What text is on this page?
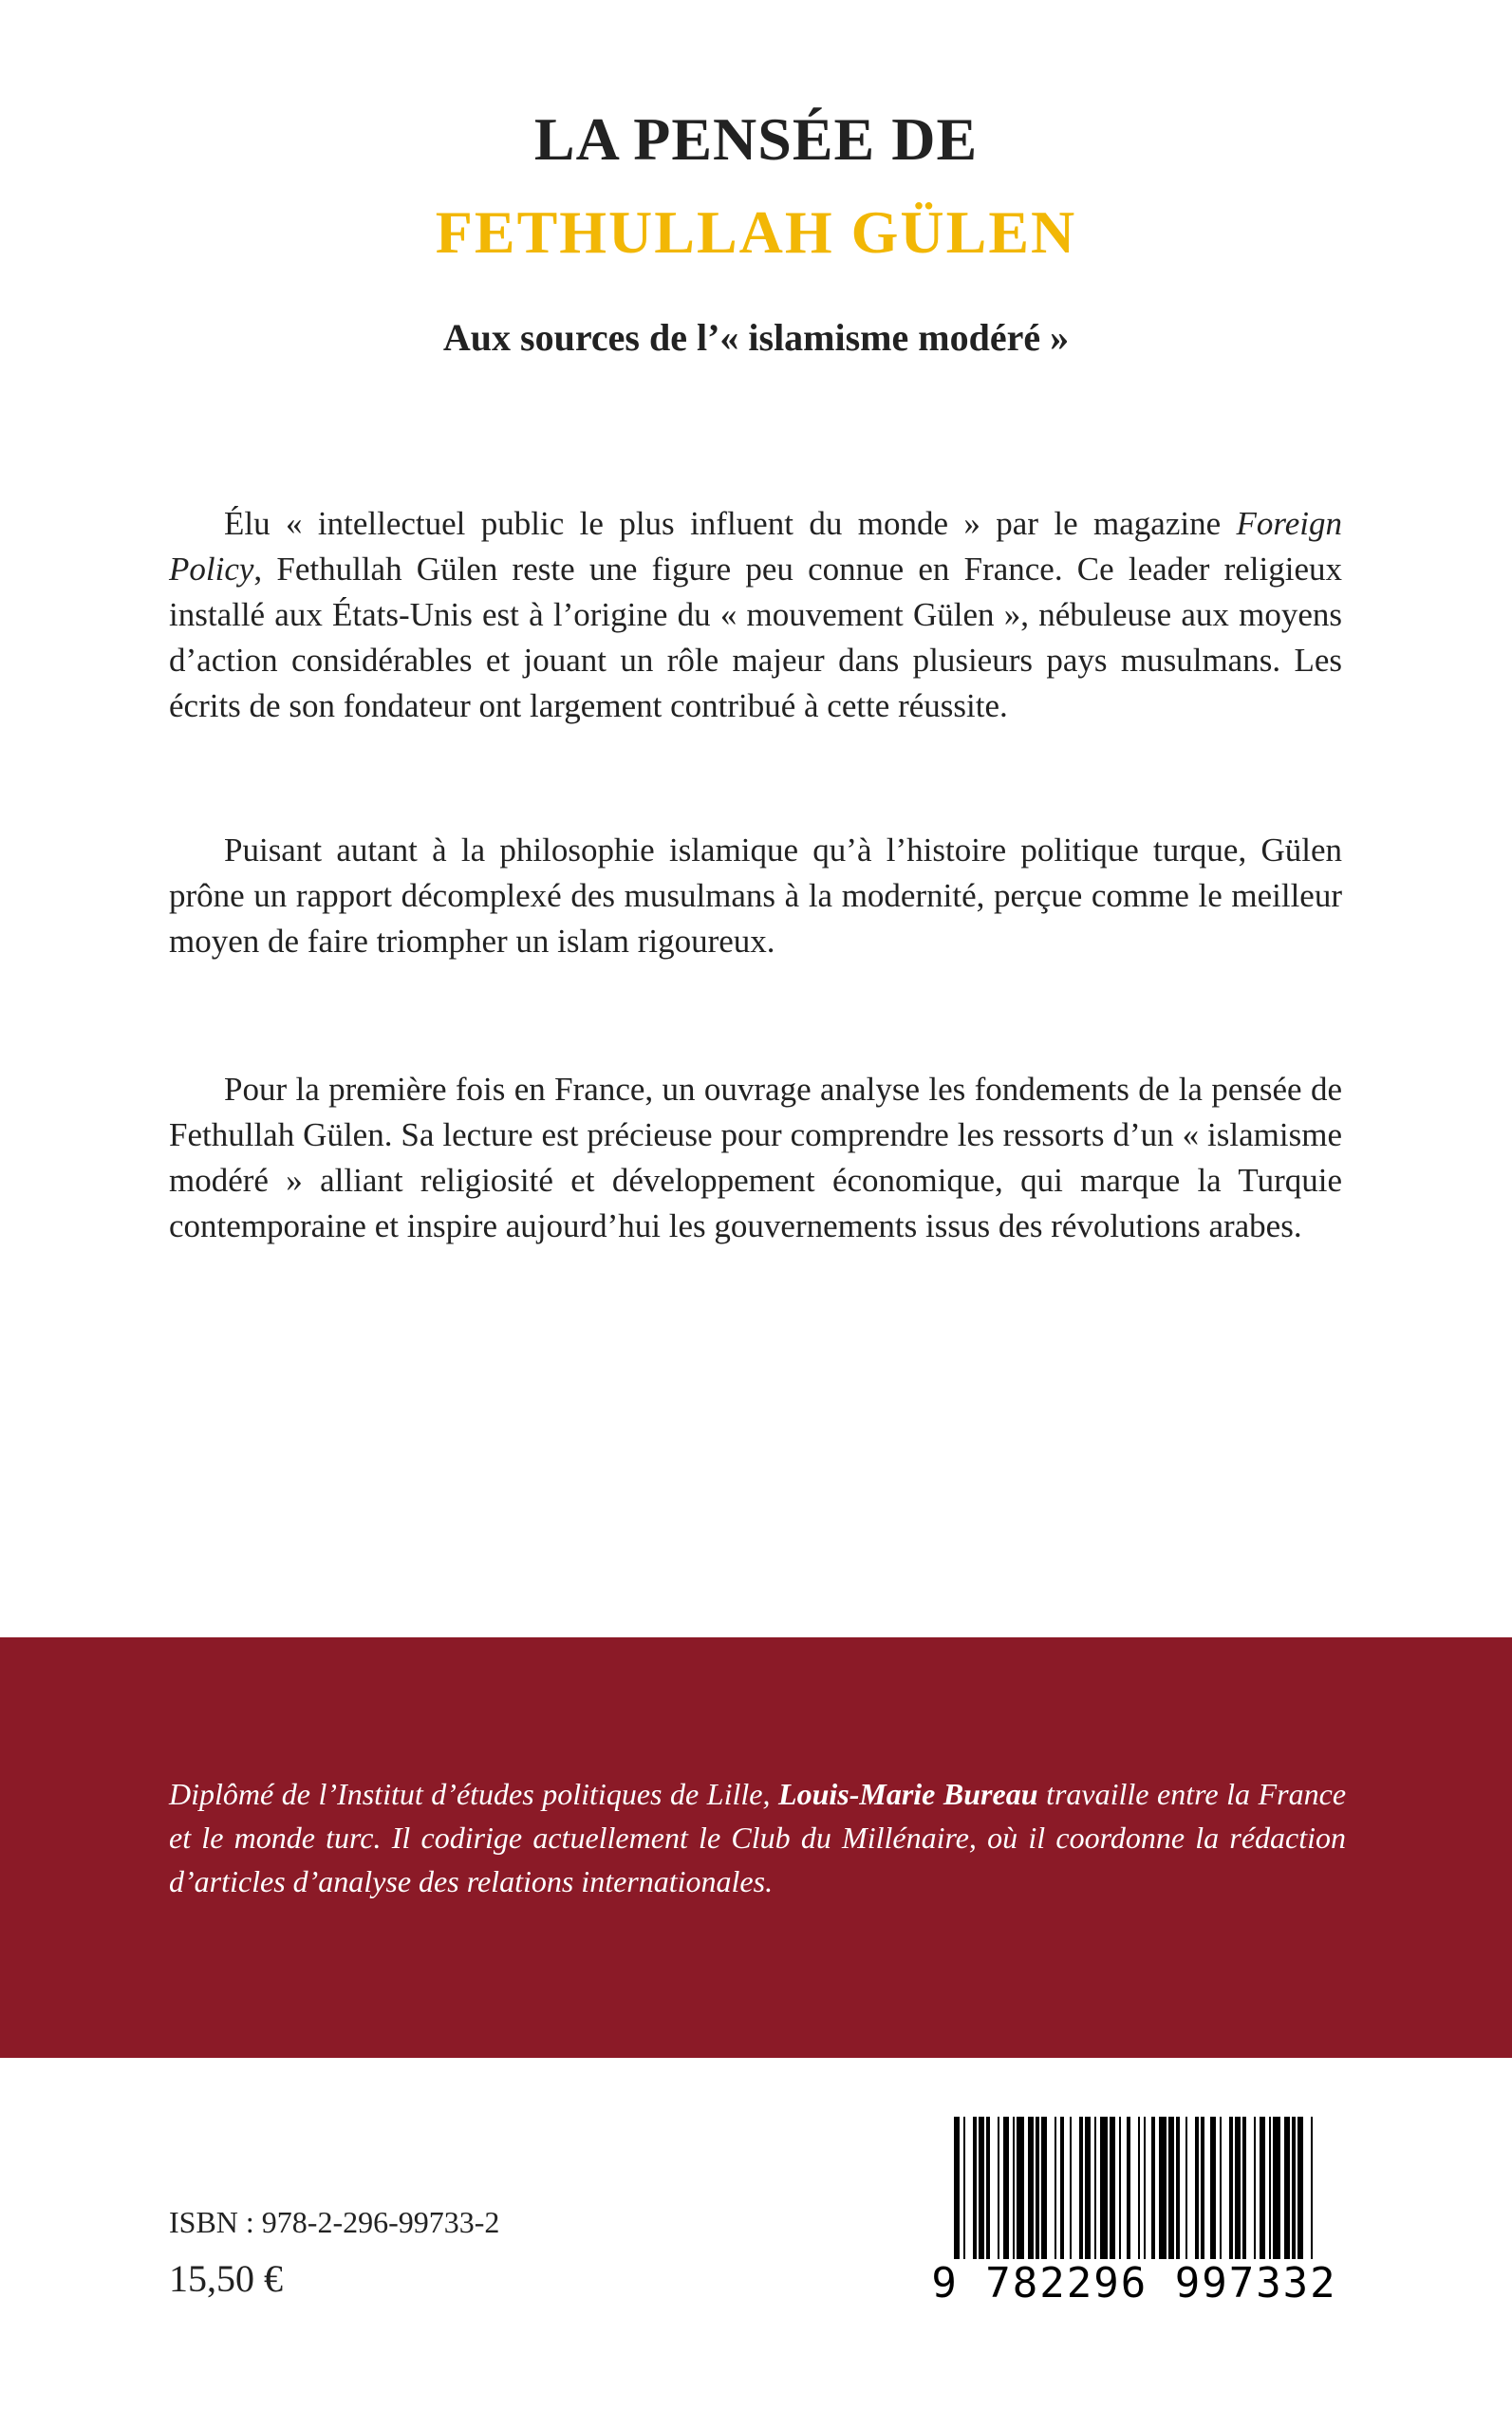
LA PENSÉE DE
FETHULLAH GÜLEN
Aux sources de l’« islamisme modéré »

Élu « intellectuel public le plus influent du monde » par le magazine Foreign Policy, Fethullah Gülen reste une figure peu connue en France. Ce leader religieux installé aux États-Unis est à l’origine du « mouvement Gülen », nébuleuse aux moyens d’action considérables et jouant un rôle majeur dans plusieurs pays musulmans. Les écrits de son fondateur ont largement contribué à cette réussite.

Puisant autant à la philosophie islamique qu’à l’histoire politique turque, Gülen prône un rapport décomplexé des musulmans à la modernité, perçue comme le meilleur moyen de faire triompher un islam rigoureux.

Pour la première fois en France, un ouvrage analyse les fondements de la pensée de Fethullah Gülen. Sa lecture est précieuse pour comprendre les ressorts d’un « islamisme modéré » alliant religiosité et développement économique, qui marque la Turquie contemporaine et inspire aujourd’hui les gouvernements issus des révolutions arabes.

Diplômé de l’Institut d’études politiques de Lille, Louis-Marie Bureau travaille entre la France et le monde turc. Il codirige actuellement le Club du Millénaire, où il coordonne la rédaction d’articles d’analyse des relations internationales.

ISBN : 978-2-296-99733-2

15,50 €	9 782296 997332
